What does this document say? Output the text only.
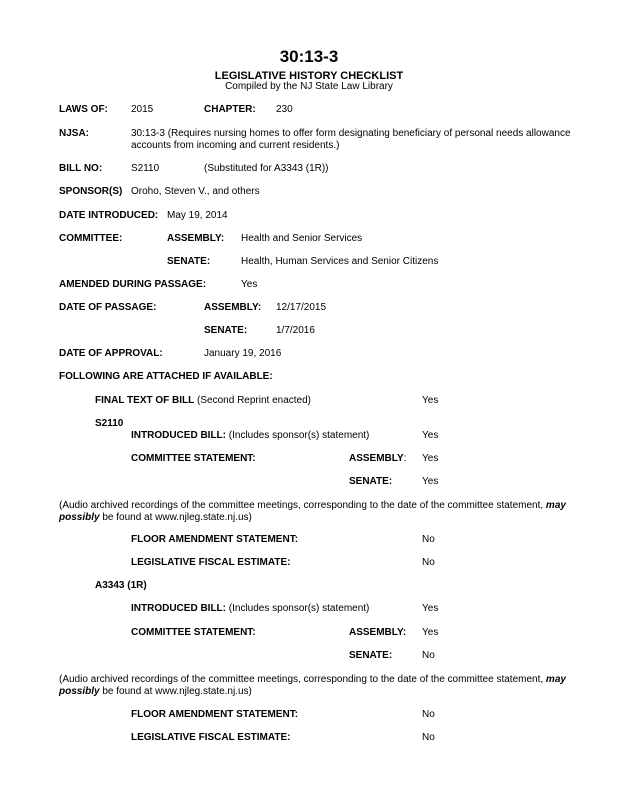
30:13-3
LEGISLATIVE HISTORY CHECKLIST
Compiled by the NJ State Law Library
LAWS OF: 2015	CHAPTER: 230
NJSA:	30:13-3 (Requires nursing homes to offer form designating beneficiary of personal needs allowance accounts from incoming and current residents.)
BILL NO:	S2110	(Substituted for A3343 (1R))
SPONSOR(S) Oroho, Steven V., and others
DATE INTRODUCED: May 19, 2014
COMMITTEE:	ASSEMBLY: Health and Senior Services
SENATE:	Health, Human Services and Senior Citizens
AMENDED DURING PASSAGE:	Yes
DATE OF PASSAGE:	ASSEMBLY: 12/17/2015
SENATE:	1/7/2016
DATE OF APPROVAL:	January 19, 2016
FOLLOWING ARE ATTACHED IF AVAILABLE:
FINAL TEXT OF BILL (Second Reprint enacted)	Yes
S2110
INTRODUCED BILL: (Includes sponsor(s) statement)	Yes
COMMITTEE STATEMENT:	ASSEMBLY: Yes
SENATE:	Yes
(Audio archived recordings of the committee meetings, corresponding to the date of the committee statement, may possibly be found at www.njleg.state.nj.us)
FLOOR AMENDMENT STATEMENT:	No
LEGISLATIVE FISCAL ESTIMATE:	No
A3343 (1R)
INTRODUCED BILL: (Includes sponsor(s) statement)	Yes
COMMITTEE STATEMENT:	ASSEMBLY: Yes
SENATE:	No
(Audio archived recordings of the committee meetings, corresponding to the date of the committee statement, may possibly be found at www.njleg.state.nj.us)
FLOOR AMENDMENT STATEMENT:	No
LEGISLATIVE FISCAL ESTIMATE:	No
